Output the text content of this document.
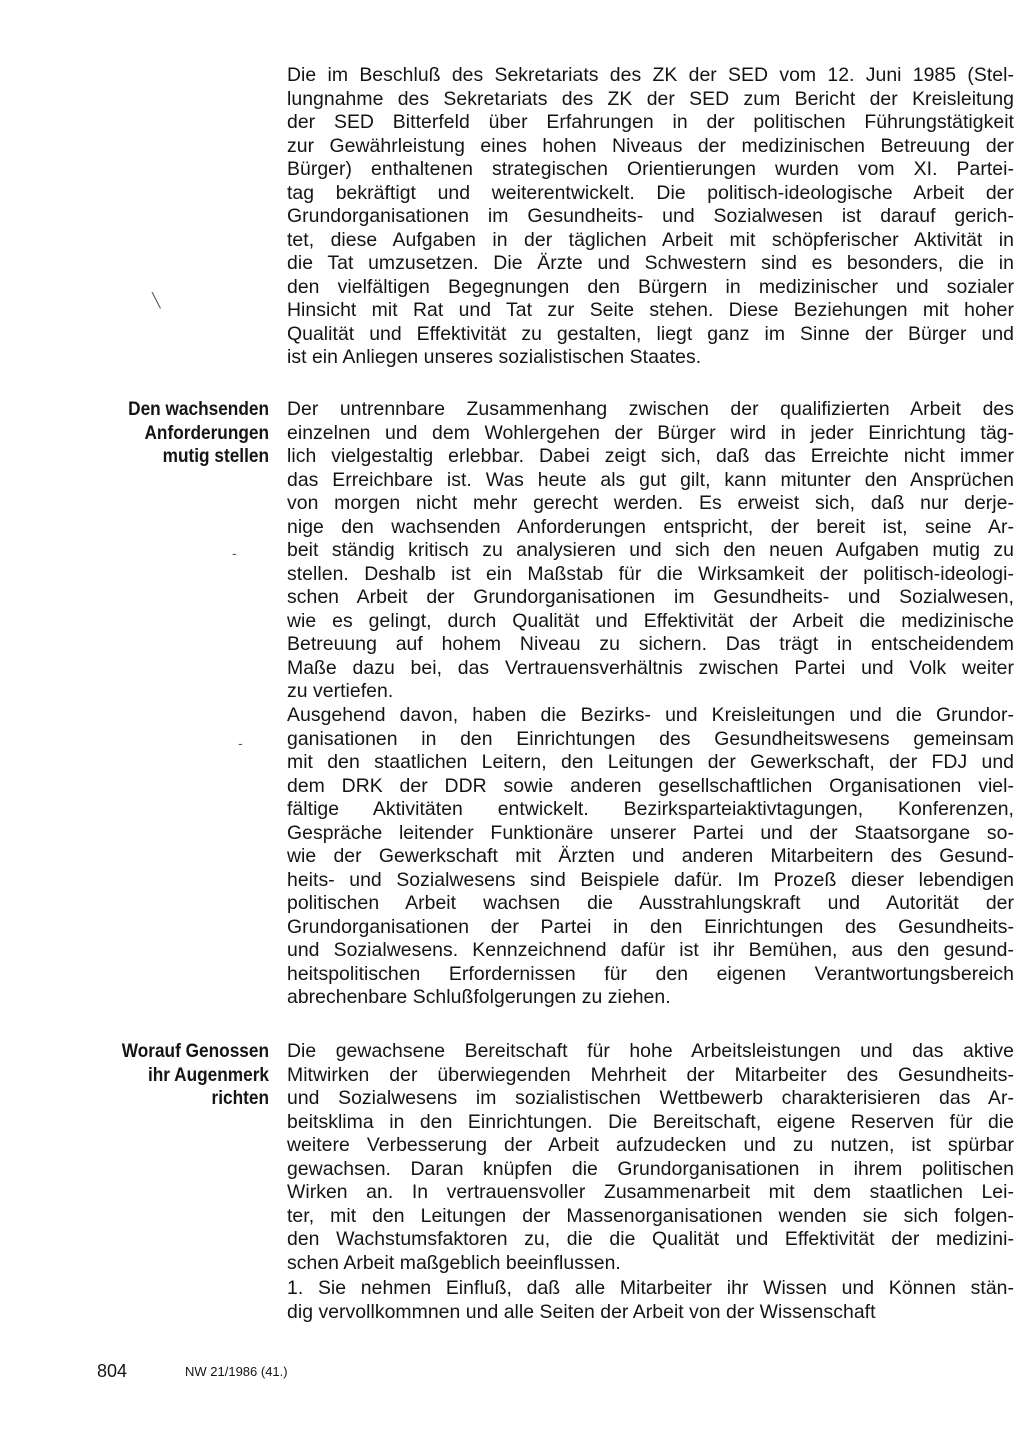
Die im Beschluß des Sekretariats des ZK der SED vom 12. Juni 1985 (Stel-
lungnahme des Sekretariats des ZK der SED zum Bericht der Kreisleitung
der SED Bitterfeld über Erfahrungen in der politischen Führungstätigkeit
zur Gewährleistung eines hohen Niveaus der medizinischen Betreuung der
Bürger) enthaltenen strategischen Orientierungen wurden vom XI. Partei-
tag bekräftigt und weiterentwickelt. Die politisch-ideologische Arbeit der
Grundorganisationen im Gesundheits- und Sozialwesen ist darauf gerich-
tet, diese Aufgaben in der täglichen Arbeit mit schöpferischer Aktivität in
die Tat umzusetzen. Die Ärzte und Schwestern sind es besonders, die in
den vielfältigen Begegnungen den Bürgern in medizinischer und sozialer
Hinsicht mit Rat und Tat zur Seite stehen. Diese Beziehungen mit hoher
Qualität und Effektivität zu gestalten, liegt ganz im Sinne der Bürger und
ist ein Anliegen unseres sozialistischen Staates.
Den wachsenden
Anforderungen
mutig stellen
Der untrennbare Zusammenhang zwischen der qualifizierten Arbeit des
einzelnen und dem Wohlergehen der Bürger wird in jeder Einrichtung täg-
lich vielgestaltig erlebbar. Dabei zeigt sich, daß das Erreichte nicht immer
das Erreichbare ist. Was heute als gut gilt, kann mitunter den Ansprüchen
von morgen nicht mehr gerecht werden. Es erweist sich, daß nur derje-
nige den wachsenden Anforderungen entspricht, der bereit ist, seine Ar-
beit ständig kritisch zu analysieren und sich den neuen Aufgaben mutig zu
stellen. Deshalb ist ein Maßstab für die Wirksamkeit der politisch-ideologi-
schen Arbeit der Grundorganisationen im Gesundheits- und Sozialwesen,
wie es gelingt, durch Qualität und Effektivität der Arbeit die medizinische
Betreuung auf hohem Niveau zu sichern. Das trägt in entscheidendem
Maße dazu bei, das Vertrauensverhältnis zwischen Partei und Volk weiter
zu vertiefen.
Ausgehend davon, haben die Bezirks- und Kreisleitungen und die Grundor-
ganisationen in den Einrichtungen des Gesundheitswesens gemeinsam
mit den staatlichen Leitern, den Leitungen der Gewerkschaft, der FDJ und
dem DRK der DDR sowie anderen gesellschaftlichen Organisationen viel-
fältige Aktivitäten entwickelt. Bezirksparteiaktivtagungen, Konferenzen,
Gespräche leitender Funktionäre unserer Partei und der Staatsorgane so-
wie der Gewerkschaft mit Ärzten und anderen Mitarbeitern des Gesund-
heits- und Sozialwesens sind Beispiele dafür. Im Prozeß dieser lebendigen
politischen Arbeit wachsen die Ausstrahlungskraft und Autorität der
Grundorganisationen der Partei in den Einrichtungen des Gesundheits-
und Sozialwesens. Kennzeichnend dafür ist ihr Bemühen, aus den gesund-
heitspolitischen Erfordernissen für den eigenen Verantwortungsbereich
abrechenbare Schlußfolgerungen zu ziehen.
Worauf Genossen
ihr Augenmerk
richten
Die gewachsene Bereitschaft für hohe Arbeitsleistungen und das aktive
Mitwirken der überwiegenden Mehrheit der Mitarbeiter des Gesundheits-
und Sozialwesens im sozialistischen Wettbewerb charakterisieren das Ar-
beitsklima in den Einrichtungen. Die Bereitschaft, eigene Reserven für die
weitere Verbesserung der Arbeit aufzudecken und zu nutzen, ist spürbar
gewachsen. Daran knüpfen die Grundorganisationen in ihrem politischen
Wirken an. In vertrauensvoller Zusammenarbeit mit dem staatlichen Lei-
ter, mit den Leitungen der Massenorganisationen wenden sie sich folgen-
den Wachstumsfaktoren zu, die die Qualität und Effektivität der medizini-
schen Arbeit maßgeblich beeinflussen.
1. Sie nehmen Einfluß, daß alle Mitarbeiter ihr Wissen und Können stän-
dig vervollkommnen und alle Seiten der Arbeit von der Wissenschaft
804	NW 21/1986 (41.)
╲
-
-
